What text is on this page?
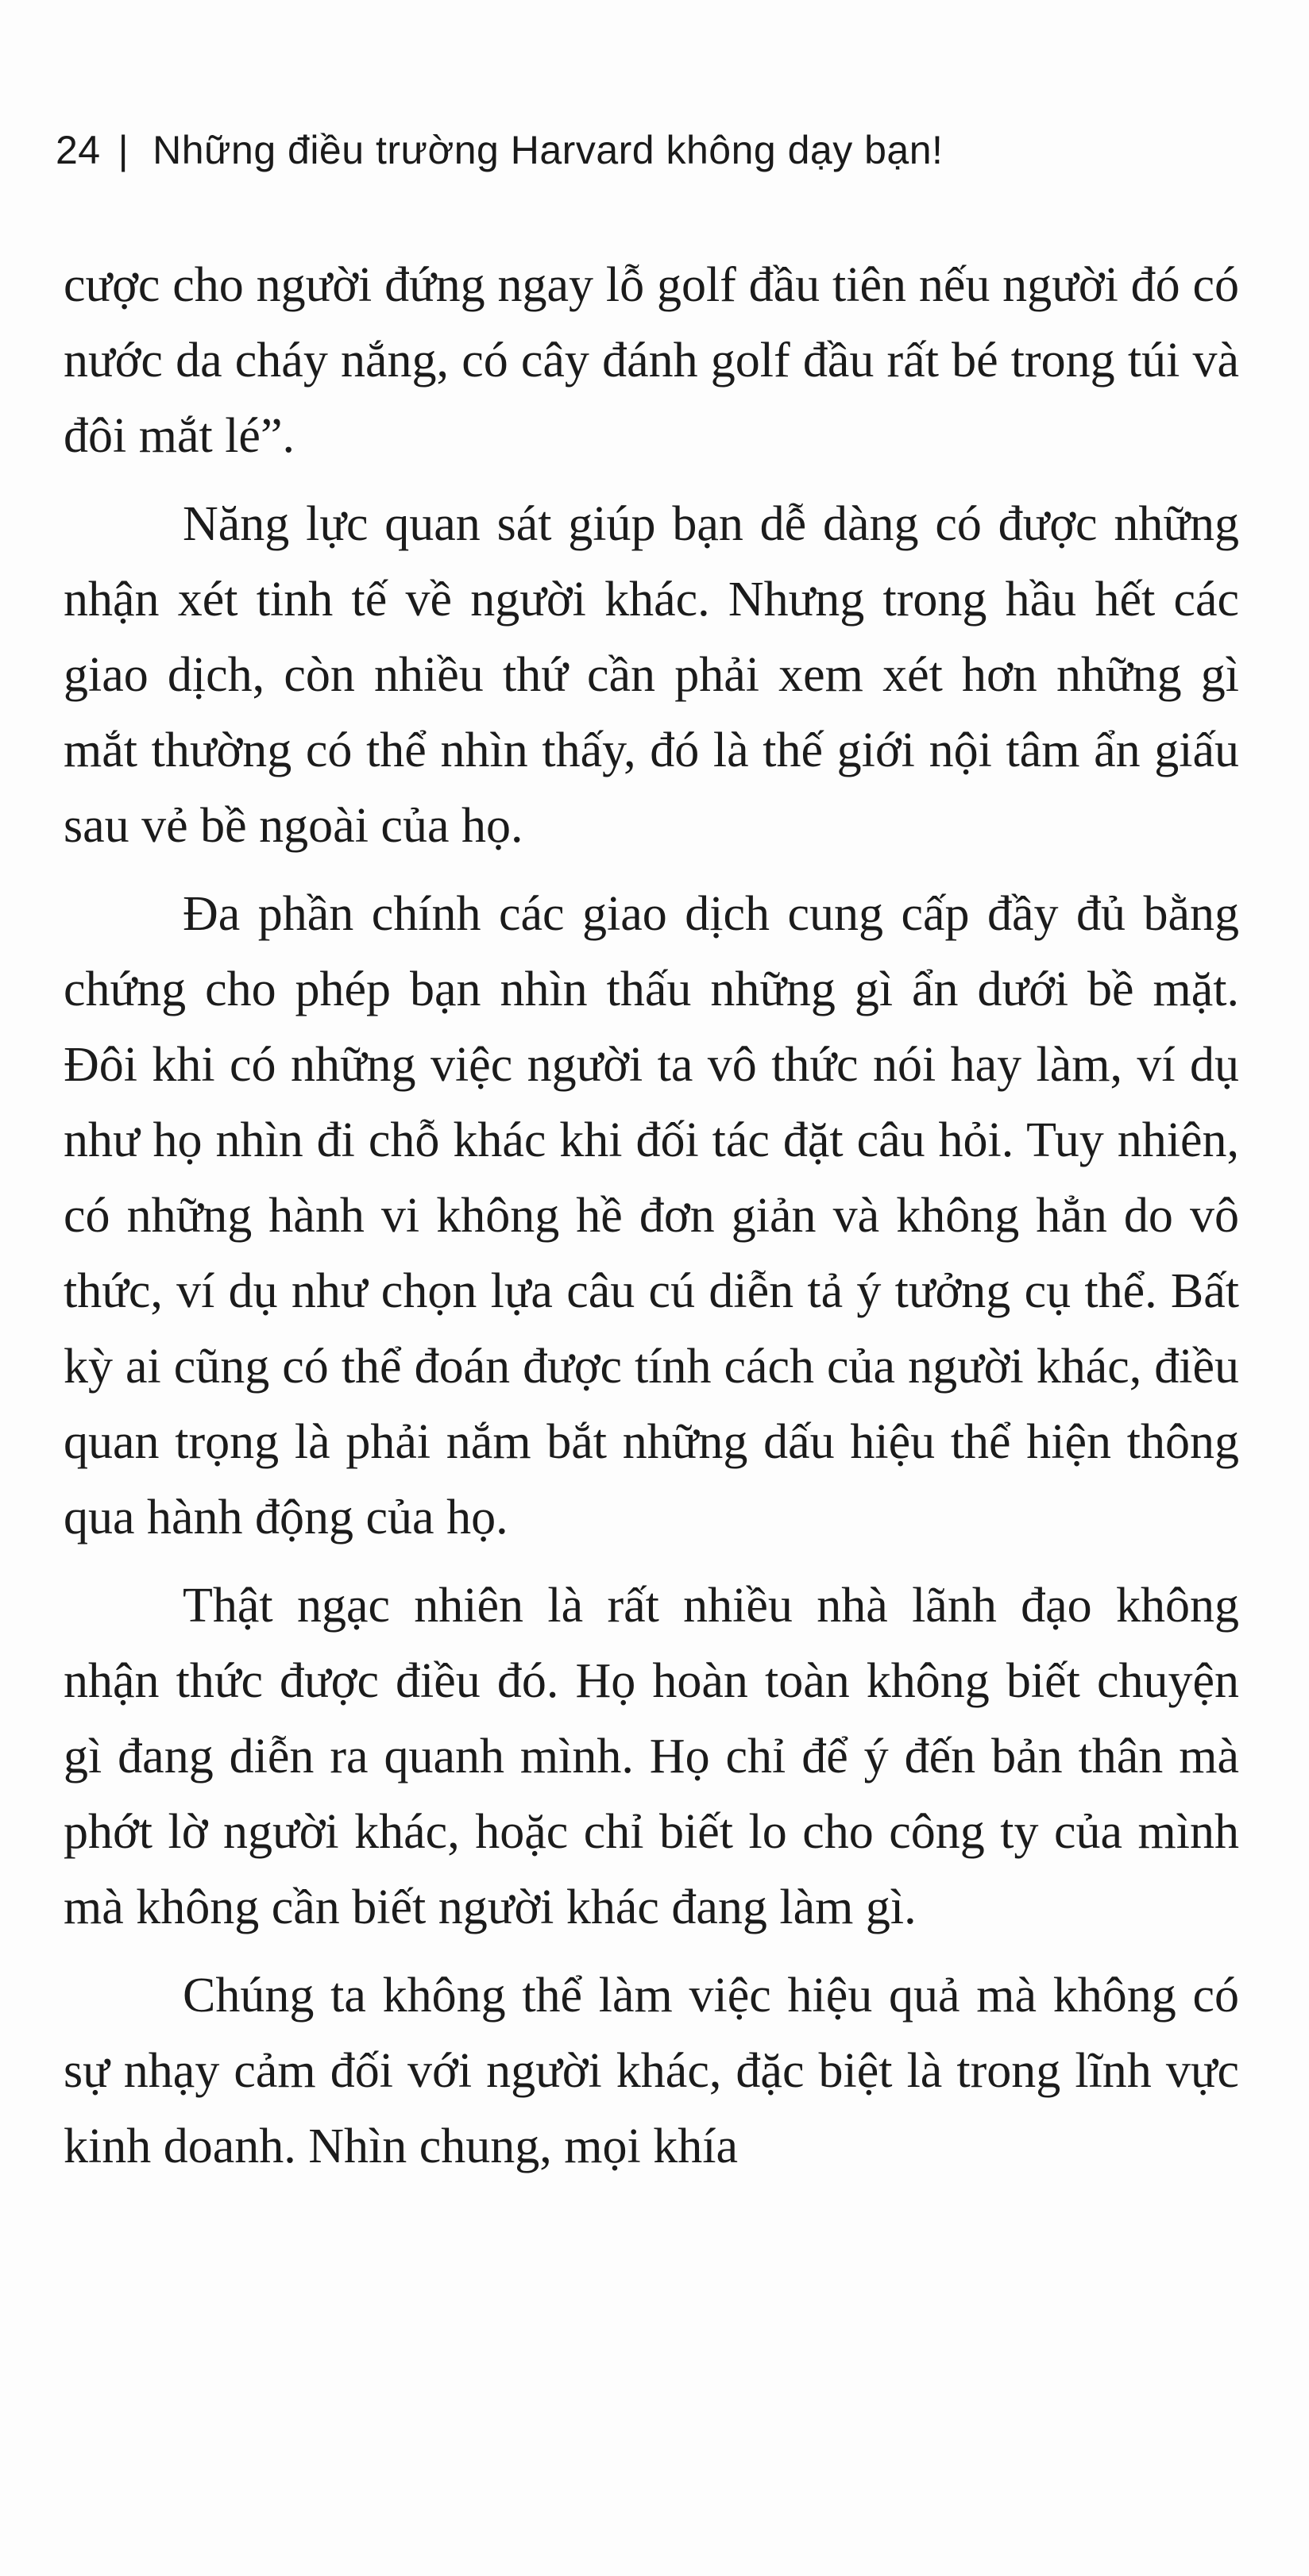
24 | Những điều trường Harvard không dạy bạn!

cược cho người đứng ngay lỗ golf đầu tiên nếu người đó có nước da cháy nắng, có cây đánh golf đầu rất bé trong túi và đôi mắt lé”.

Năng lực quan sát giúp bạn dễ dàng có được những nhận xét tinh tế về người khác. Nhưng trong hầu hết các giao dịch, còn nhiều thứ cần phải xem xét hơn những gì mắt thường có thể nhìn thấy, đó là thế giới nội tâm ẩn giấu sau vẻ bề ngoài của họ.

Đa phần chính các giao dịch cung cấp đầy đủ bằng chứng cho phép bạn nhìn thấu những gì ẩn dưới bề mặt. Đôi khi có những việc người ta vô thức nói hay làm, ví dụ như họ nhìn đi chỗ khác khi đối tác đặt câu hỏi. Tuy nhiên, có những hành vi không hề đơn giản và không hẳn do vô thức, ví dụ như chọn lựa câu cú diễn tả ý tưởng cụ thể. Bất kỳ ai cũng có thể đoán được tính cách của người khác, điều quan trọng là phải nắm bắt những dấu hiệu thể hiện thông qua hành động của họ.

Thật ngạc nhiên là rất nhiều nhà lãnh đạo không nhận thức được điều đó. Họ hoàn toàn không biết chuyện gì đang diễn ra quanh mình. Họ chỉ để ý đến bản thân mà phớt lờ người khác, hoặc chỉ biết lo cho công ty của mình mà không cần biết người khác đang làm gì.

Chúng ta không thể làm việc hiệu quả mà không có sự nhạy cảm đối với người khác, đặc biệt là trong lĩnh vực kinh doanh. Nhìn chung, mọi khía
